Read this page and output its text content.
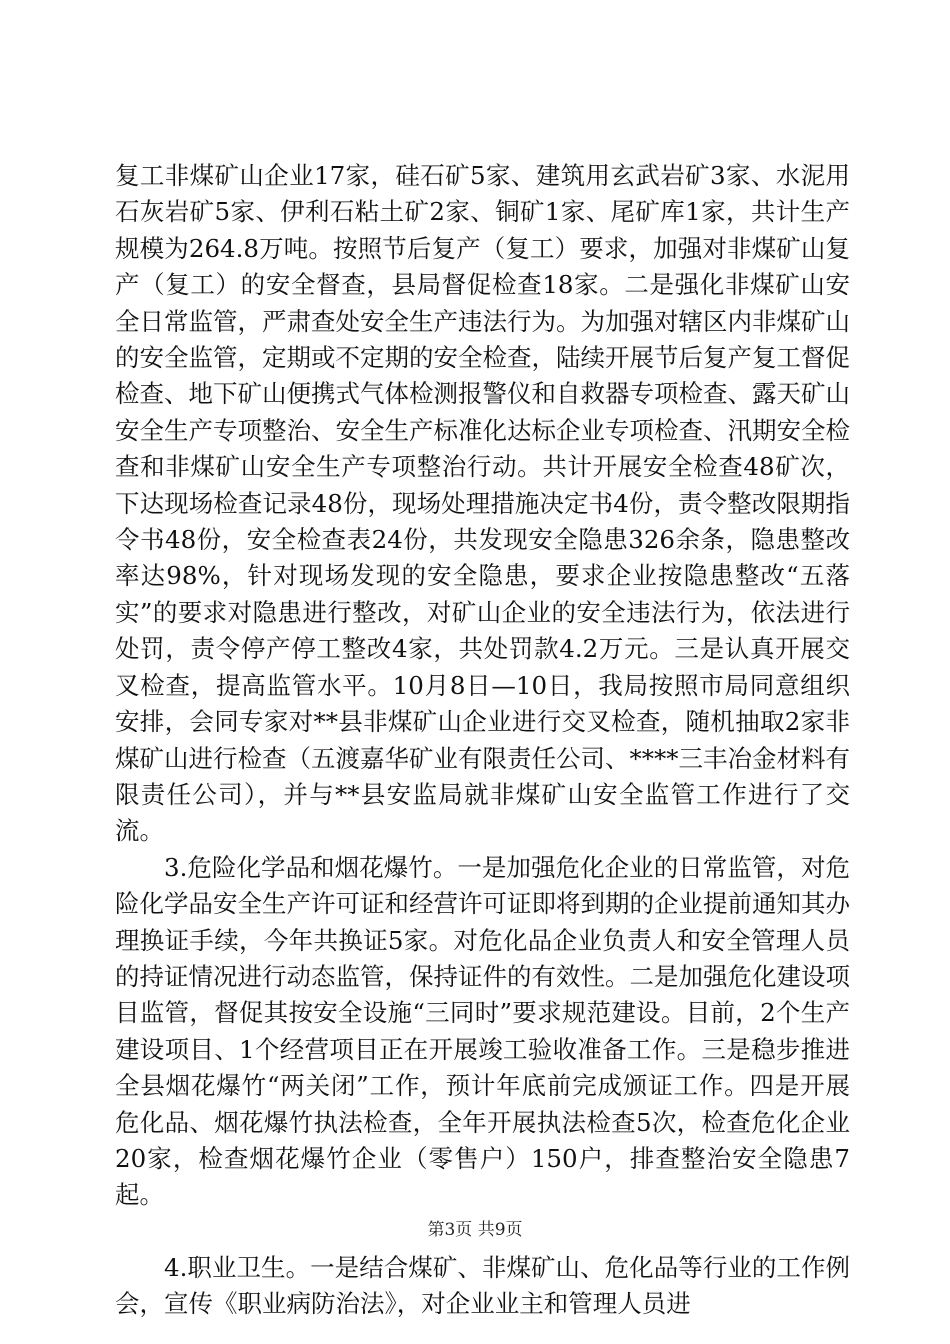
复工非煤矿山企业17家，硅石矿5家、建筑用玄武岩矿3家、水泥用石灰岩矿5家、伊利石粘土矿2家、铜矿1家、尾矿库1家，共计生产规模为264.8万吨。按照节后复产（复工）要求，加强对非煤矿山复产（复工）的安全督查，县局督促检查18家。二是强化非煤矿山安全日常监管，严肃查处安全生产违法行为。为加强对辖区内非煤矿山的安全监管，定期或不定期的安全检查，陆续开展节后复产复工督促检查、地下矿山便携式气体检测报警仪和自救器专项检查、露天矿山安全生产专项整治、安全生产标准化达标企业专项检查、汛期安全检查和非煤矿山安全生产专项整治行动。共计开展安全检查48矿次，下达现场检查记录48份，现场处理措施决定书4份，责令整改限期指令书48份，安全检查表24份，共发现安全隐患326余条，隐患整改率达98%，针对现场发现的安全隐患，要求企业按隐患整改“五落实”的要求对隐患进行整改，对矿山企业的安全违法行为，依法进行处罚，责令停产停工整改4家，共处罚款4.2万元。三是认真开展交叉检查，提高监管水平。10月8日—10日，我局按照市局同意组织安排，会同专家对**县非煤矿山企业进行交叉检查，随机抽取2家非煤矿山进行检查（五渡嘉华矿业有限责任公司、****三丰冶金材料有限责任公司），并与**县安监局就非煤矿山安全监管工作进行了交流。

3.危险化学品和烟花爆竹。一是加强危化企业的日常监管，对危险化学品安全生产许可证和经营许可证即将到期的企业提前通知其办理换证手续，今年共换证5家。对危化品企业负责人和安全管理人员的持证情况进行动态监管，保持证件的有效性。二是加强危化建设项目监管，督促其按安全设施“三同时”要求规范建设。目前，2个生产建设项目、1个经营项目正在开展竣工验收准备工作。三是稳步推进全县烟花爆竹“两关闭”工作，预计年底前完成颁证工作。四是开展危化品、烟花爆竹执法检查，全年开展执法检查5次，检查危化企业20家，检查烟花爆竹企业（零售户）150户，排查整治安全隐患7起。

4.职业卫生。一是结合煤矿、非煤矿山、危化品等行业的工作例会，宣传《职业病防治法》，对企业业主和管理人员进

第3页 共9页
